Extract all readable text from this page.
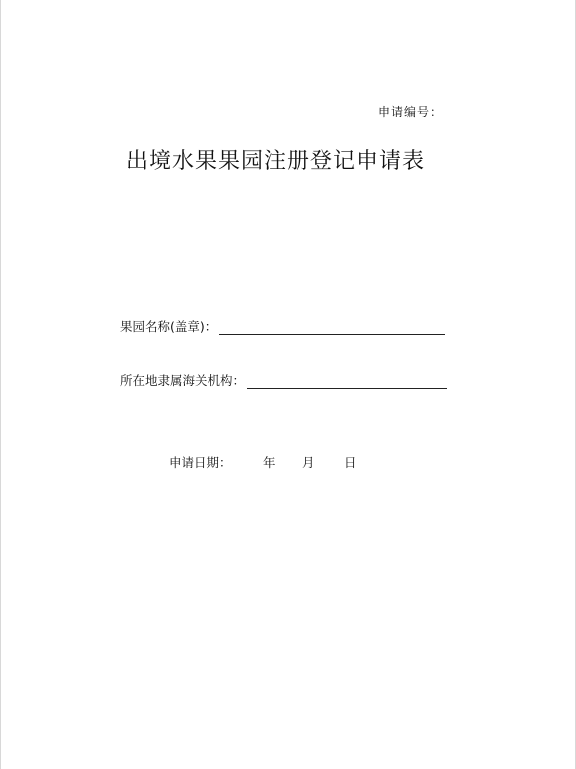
申请编号：
出境水果果园注册登记申请表
果园名称(盖章)：
所在地隶属海关机构：
申请日期：	年 月 日
